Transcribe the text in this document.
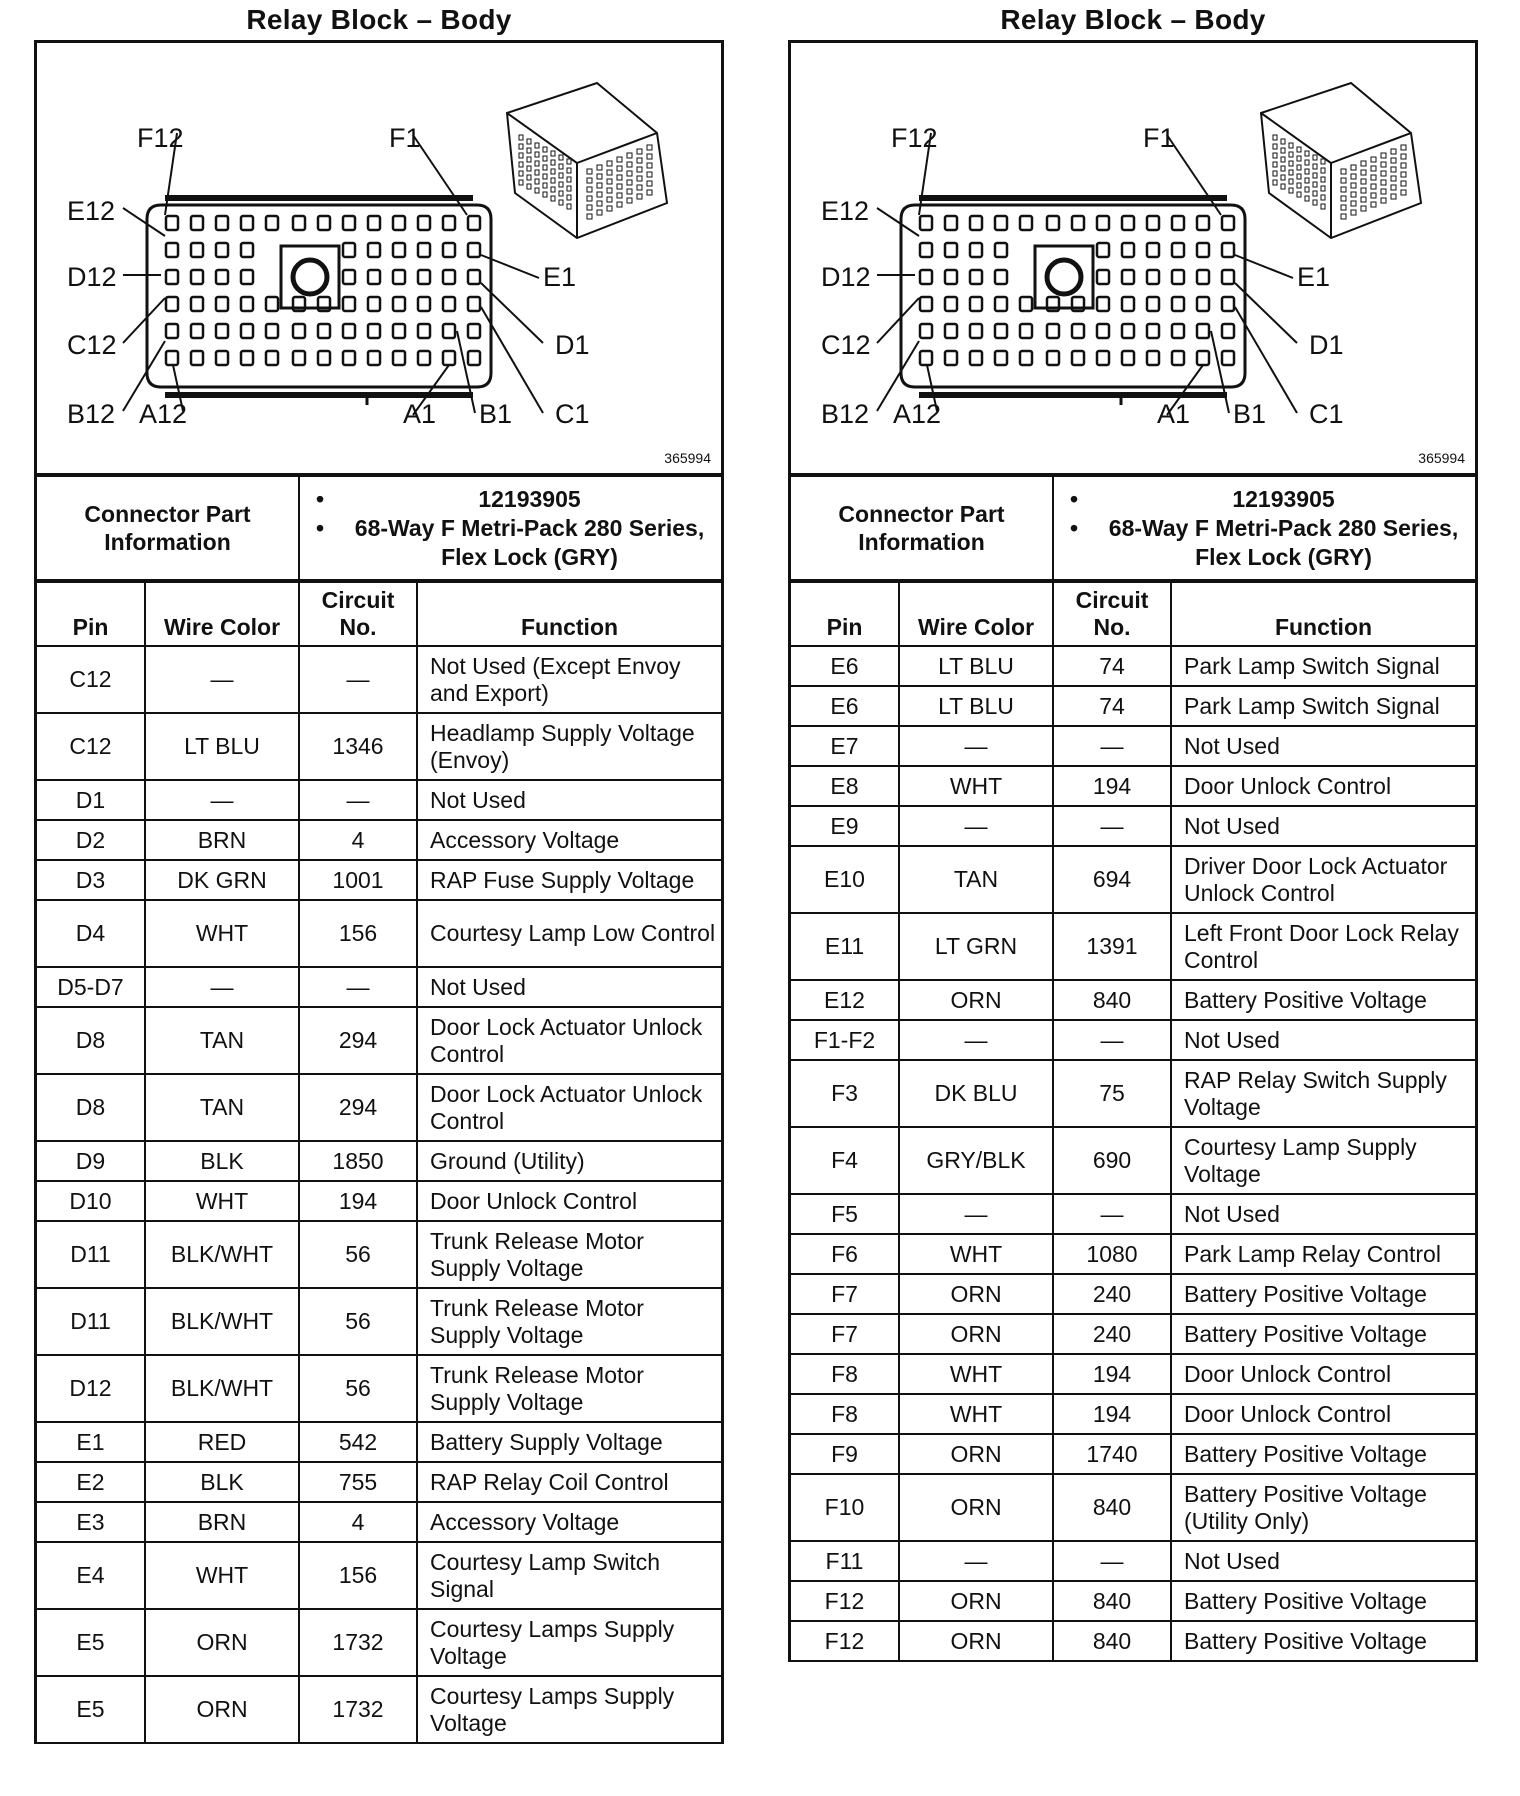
Relay Block – Body
F12	F1
E12
D12
C12
B12 A12
E1
D1
C1
B1
A1
365994
Connector Part Information	
• 12193905
• 68-Way F Metri-Pack 280 Series, Flex Lock (GRY)
Pin	Wire Color	Circuit No.	Function
C12	—	—	Not Used (Except Envoy and Export)
C12	LT BLU	1346	Headlamp Supply Voltage (Envoy)
D1	—	—	Not Used
D2	BRN	4	Accessory Voltage
D3	DK GRN	1001	RAP Fuse Supply Voltage
D4	WHT	156	Courtesy Lamp Low Control
D5-D7	—	—	Not Used
D8	TAN	294	Door Lock Actuator Unlock Control
D8	TAN	294	Door Lock Actuator Unlock Control
D9	BLK	1850	Ground (Utility)
D10	WHT	194	Door Unlock Control
D11	BLK/WHT	56	Trunk Release Motor Supply Voltage
D11	BLK/WHT	56	Trunk Release Motor Supply Voltage
D12	BLK/WHT	56	Trunk Release Motor Supply Voltage
E1	RED	542	Battery Supply Voltage
E2	BLK	755	RAP Relay Coil Control
E3	BRN	4	Accessory Voltage
E4	WHT	156	Courtesy Lamp Switch Signal
E5	ORN	1732	Courtesy Lamps Supply Voltage
E5	ORN	1732	Courtesy Lamps Supply Voltage
Relay Block – Body
F12	F1
E12
D12
C12
B12 A12
E1
D1
C1
B1
A1
365994
Connector Part Information	
• 12193905
• 68-Way F Metri-Pack 280 Series, Flex Lock (GRY)
Pin	Wire Color	Circuit No.	Function
E6	LT BLU	74	Park Lamp Switch Signal
E6	LT BLU	74	Park Lamp Switch Signal
E7	—	—	Not Used
E8	WHT	194	Door Unlock Control
E9	—	—	Not Used
E10	TAN	694	Driver Door Lock Actuator Unlock Control
E11	LT GRN	1391	Left Front Door Lock Relay Control
E12	ORN	840	Battery Positive Voltage
F1-F2	—	—	Not Used
F3	DK BLU	75	RAP Relay Switch Supply Voltage
F4	GRY/BLK	690	Courtesy Lamp Supply Voltage
F5	—	—	Not Used
F6	WHT	1080	Park Lamp Relay Control
F7	ORN	240	Battery Positive Voltage
F7	ORN	240	Battery Positive Voltage
F8	WHT	194	Door Unlock Control
F8	WHT	194	Door Unlock Control
F9	ORN	1740	Battery Positive Voltage
F10	ORN	840	Battery Positive Voltage (Utility Only)
F11	—	—	Not Used
F12	ORN	840	Battery Positive Voltage
F12	ORN	840	Battery Positive Voltage
